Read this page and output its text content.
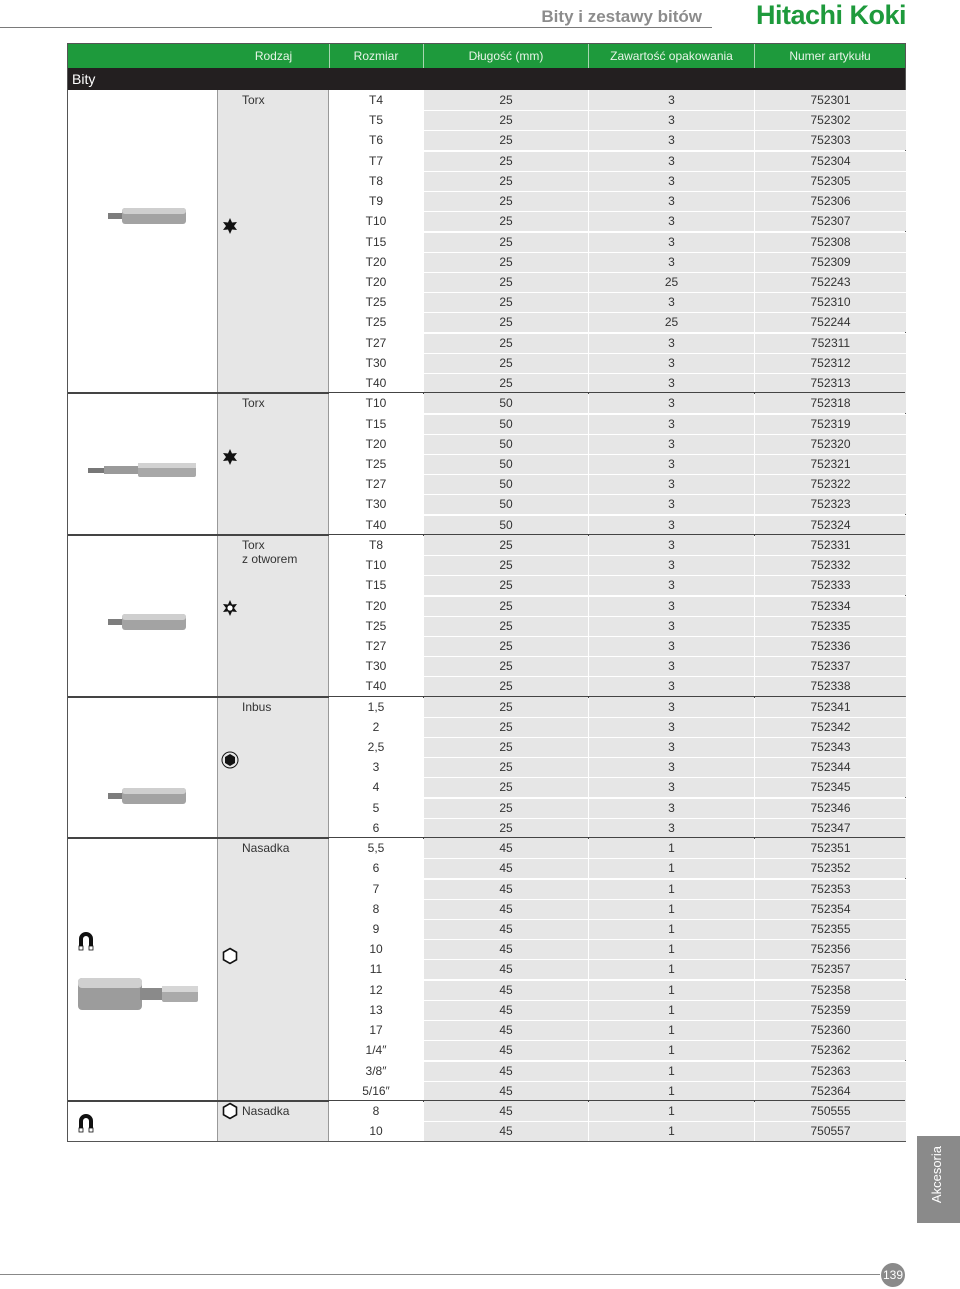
Bity i zestawy bitów Hitachi Koki
Rodzaj	Rozmiar	Długość (mm)	Zawartość opakowania	Numer artykułu
Bity
Torx	T4	25	3	752301
T5	25	3	752302
T6	25	3	752303
T7	25	3	752304
T8	25	3	752305
T9	25	3	752306
T10	25	3	752307
T15	25	3	752308
T20	25	3	752309
T20	25	25	752243
T25	25	3	752310
T25	25	25	752244
T27	25	3	752311
T30	25	3	752312
T40	25	3	752313
Torx	T10	50	3	752318
T15	50	3	752319
T20	50	3	752320
T25	50	3	752321
T27	50	3	752322
T30	50	3	752323
T40	50	3	752324
Torx
z otworem
T8	25	3	752331
T10	25	3	752332
T15	25	3	752333
T20	25	3	752334
T25	25	3	752335
T27	25	3	752336
T30	25	3	752337
T40	25	3	752338
Inbus	1,5	25	3	752341
2	25	3	752342
2,5	25	3	752343
3	25	3	752344
4	25	3	752345
5	25	3	752346
6	25	3	752347
Nasadka	5,5	45	1	752351
6	45	1	752352
7	45	1	752353
8	45	1	752354
9	45	1	752355
10	45	1	752356
11	45	1	752357
12	45	1	752358
13	45	1	752359
17	45	1	752360
1/4″	45	1	752362
3/8″	45	1	752363
5/16″	45	1	752364
Nasadka	8	45	1	750555
10	45	1	750557
Akcesoria
139
